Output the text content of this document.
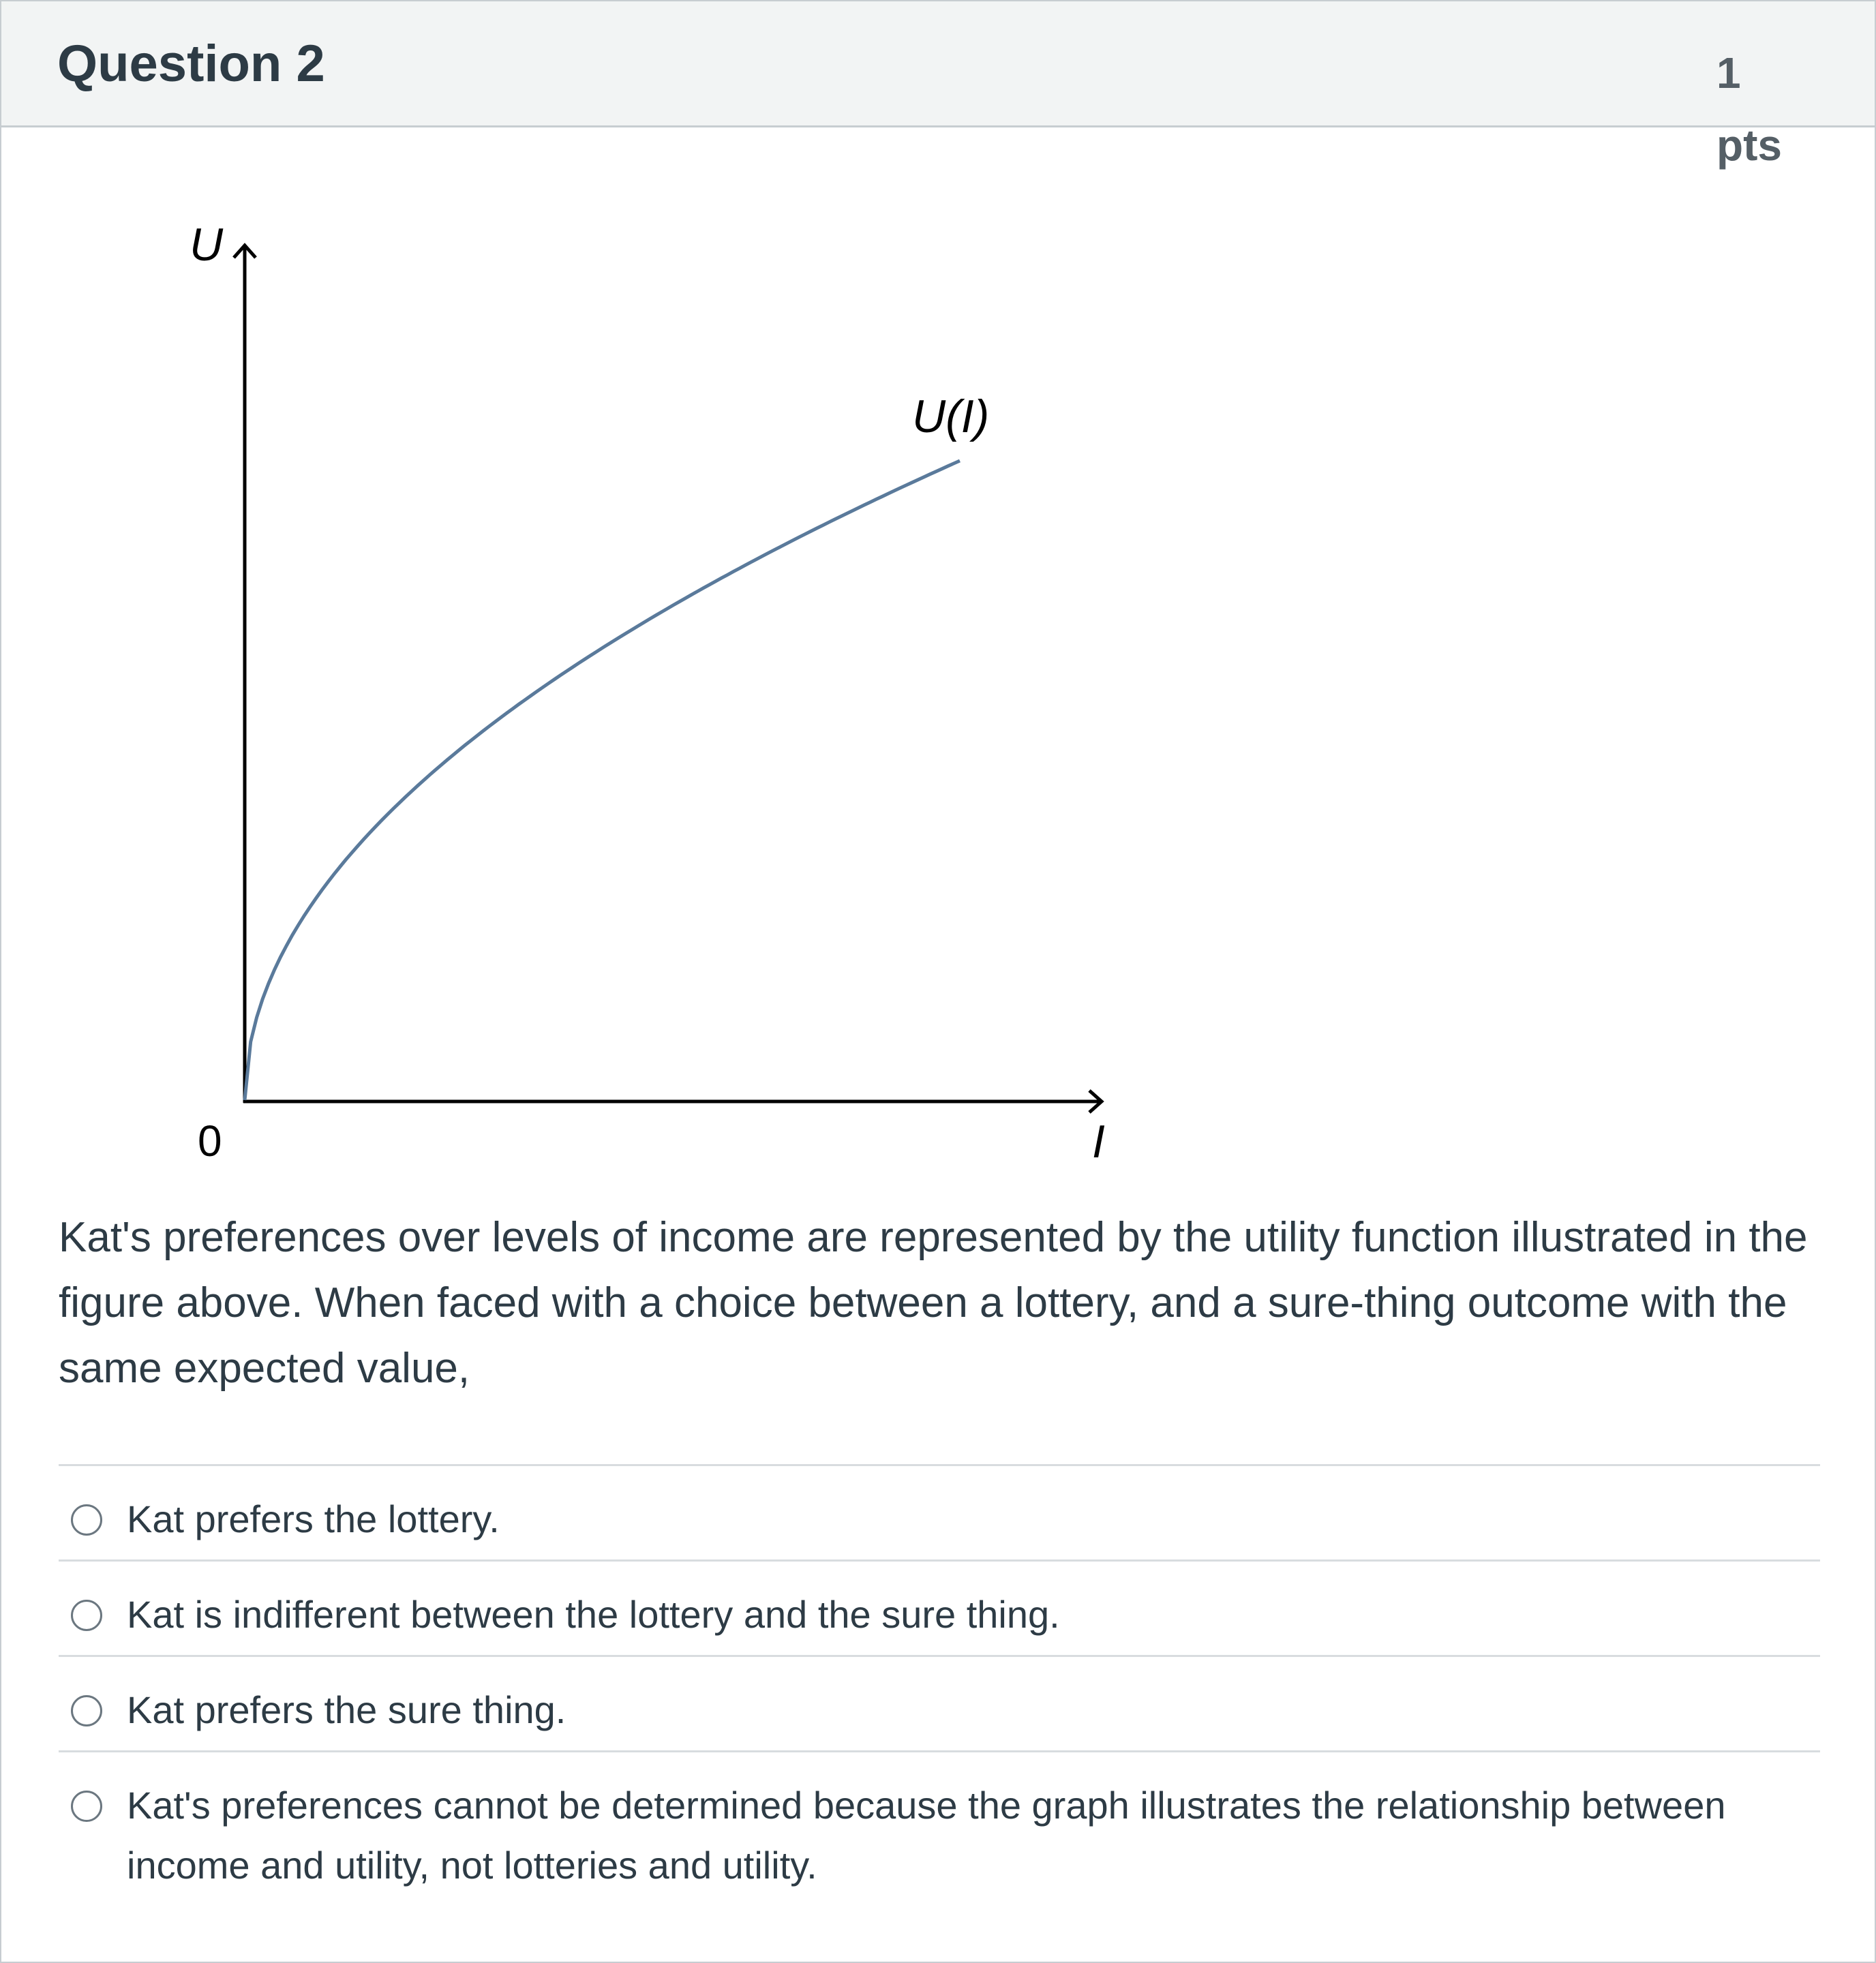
Question 2	1
pts
U
I
0
U(I)
Kat's preferences over levels of income are represented by the utility function illustrated in the figure above. When faced with a choice between a lottery, and a sure-thing outcome with the same expected value,
Kat prefers the lottery.
Kat is indifferent between the lottery and the sure thing.
Kat prefers the sure thing.
Kat's preferences cannot be determined because the graph illustrates the relationship between income and utility, not lotteries and utility.
